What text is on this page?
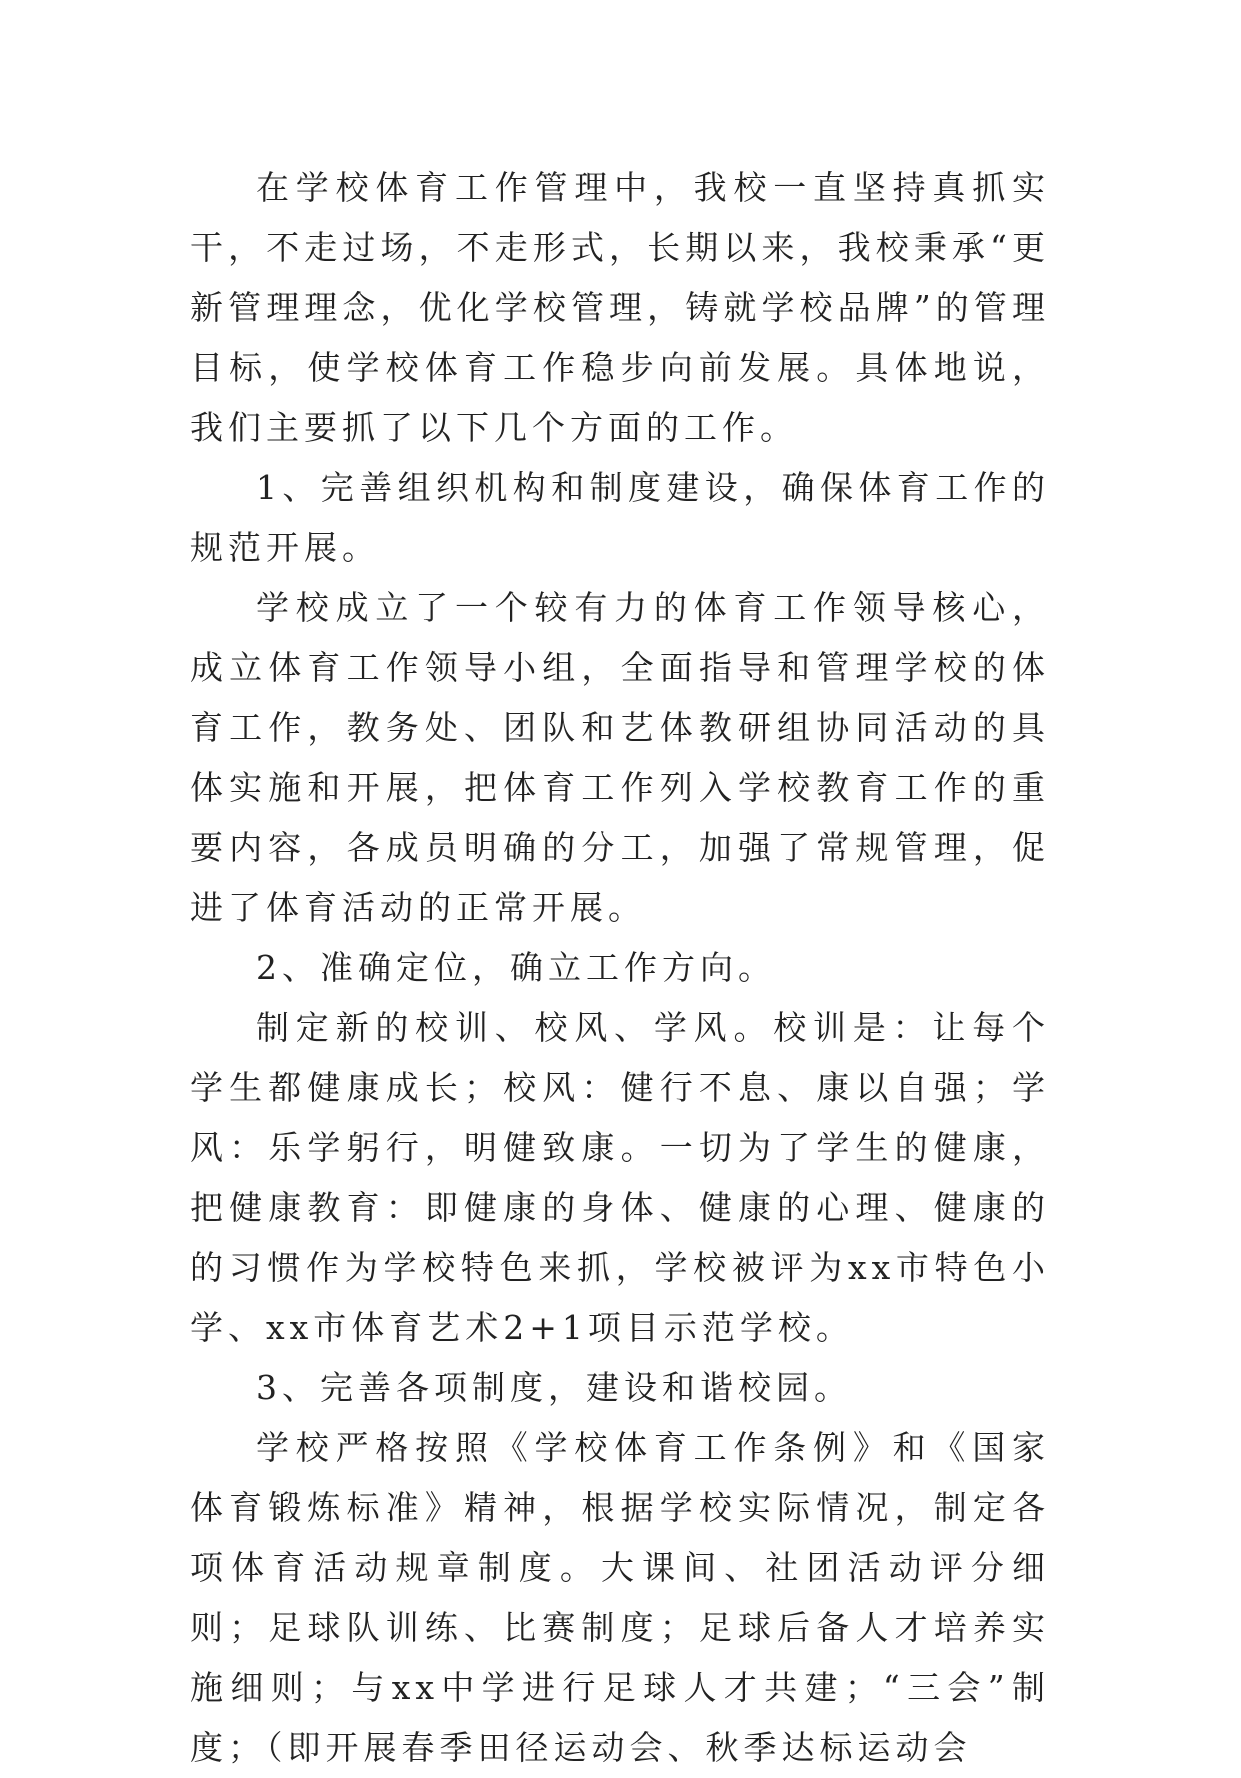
在学校体育工作管理中，我校一直坚持真抓实干，不走过场，不走形式，长期以来，我校秉承“更新管理理念，优化学校管理，铸就学校品牌”的管理目标，使学校体育工作稳步向前发展。具体地说，我们主要抓了以下几个方面的工作。

1、完善组织机构和制度建设，确保体育工作的规范开展。

学校成立了一个较有力的体育工作领导核心，成立体育工作领导小组，全面指导和管理学校的体育工作，教务处、团队和艺体教研组协同活动的具体实施和开展，把体育工作列入学校教育工作的重要内容，各成员明确的分工，加强了常规管理，促进了体育活动的正常开展。

2、准确定位，确立工作方向。

制定新的校训、校风、学风。校训是：让每个学生都健康成长；校风：健行不息、康以自强；学风：乐学躬行，明健致康。一切为了学生的健康，把健康教育：即健康的身体、健康的心理、健康的的习惯作为学校特色来抓，学校被评为xx市特色小学、xx市体育艺术2+1项目示范学校。

3、完善各项制度，建设和谐校园。

学校严格按照《学校体育工作条例》和《国家体育锻炼标准》精神，根据学校实际情况，制定各项体育活动规章制度。大课间、社团活动评分细则；足球队训练、比赛制度；足球后备人才培养实施细则；与xx中学进行足球人才共建；“三会”制度；（即开展春季田径运动会、秋季达标运动会
